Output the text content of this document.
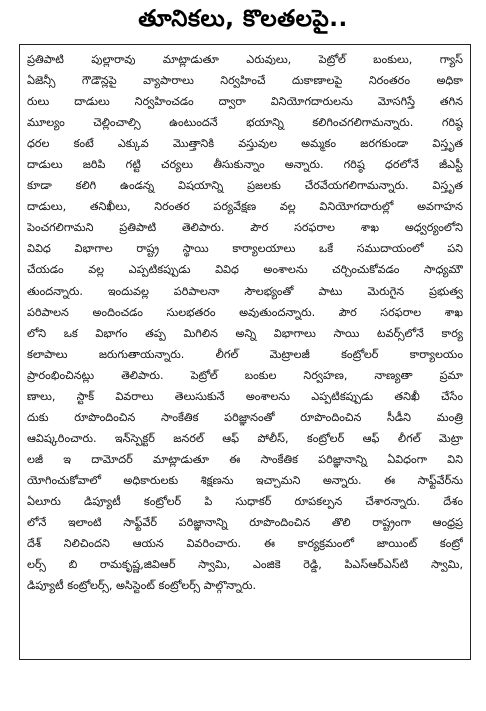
తూనికలు, కొలతలపై..
ప్రతిపాటి పుల్లారావు మాట్లాడుతూ ఎరువులు, పెట్రోల్ బంకులు, గ్యాస్
ఏజెన్సీ గౌడౌన్లపై వ్యాపారాలు నిర్వహించే దుకాణాలపై నిరంతరం అధికా
రులు దాడులు నిర్వహించడం ద్వారా వినియోగదారులను మోసగిస్తే తగిన
మూల్యం చెల్లించాల్సి ఉంటుందనే భయాన్ని కలిగించగలిగామన్నారు. గరిష్ఠ
ధరల కంటే ఎక్కువ మొత్తానికి వస్తువుల అమ్మకం జరగకుండా విస్తృత
దాడులు జరిపి గట్టి చర్యలు తీసుకున్నాం అన్నారు. గరిష్ఠ ధరలోనే జీఎస్టీ
కూడా కలిగి ఉండన్న విషయాన్ని ప్రజలకు చేరవేయగలిగామన్నారు. విస్తృత
దాడులు, తనిఖీలు, నిరంతర పర్యవేక్షణ వల్ల వినియోగదారుల్లో అవగాహన
పెంచగలిగామని ప్రతిపాటి తెలిపారు. పౌర సరఫరాల శాఖ అధ్వర్యంలోని
వివిధ విభాగాల రాష్ట్ర స్థాయి కార్యాలయాలు ఒకే సముదాయంలో పని
చేయడం వల్ల ఎప్పటికప్పుడు వివిధ అంశాలను చర్చించుకోవడం సాధ్యమౌ
తుందన్నారు. ఇందువల్ల పరిపాలనా సౌలభ్యంతో పాటు మెరుగైన ప్రభుత్వ
పరిపాలన అందించడం సులభతరం అవుతుందన్నారు. పౌర సరఫరాల శాఖ
లోని ఒక విభాగం తప్ప మిగిలిన అన్ని విభాగాలు సాయి టవర్స్‌లోనే కార్య
కలాపాలు జరుగుతాయన్నారు. లీగల్ మెట్రాలజీ కంట్రోలర్ కార్యాలయం
ప్రారంభించినట్లు తెలిపారు. పెట్రోల్ బంకుల నిర్వహణ, నాణ్యతా ప్రమా
ణాలు, స్టాక్ వివరాలు తెలుసుకునే అంశాలను ఎప్పటికప్పుడు తనిఖీ చేసేం
దుకు రూపొందించిన సాంకేతిక పరిజ్ఞానంతో రూపొందించిన సీడీని మంత్రి
ఆవిష్కరించారు. ఇన్‌స్పెక్టర్ జనరల్ ఆఫ్ పోలీస్, కంట్రోలర్ ఆఫ్ లీగల్ మెట్రా
లజీ ఇ దామోదర్ మాట్లాడుతూ ఈ సాంకేతిక పరిజ్ఞానాన్ని ఏవిధంగా విని
యోగించుకోవాలో అధికారులకు శిక్షణను ఇచ్చామని అన్నారు. ఈ సాఫ్ట్‌వేర్‌ను
ఏలూరు డిప్యూటీ కంట్రోలర్ పి సుధాకర్ రూపకల్పన చేశారన్నారు. దేశం
లోనే ఇలాంటి సాఫ్ట్‌వేర్ పరిజ్ఞానాన్ని రూపొందించిన తొలి రాష్ట్రంగా ఆంధ్రప్ర
దేశ్ నిలిచిందని ఆయన వివరించారు. ఈ కార్యక్రమంలో జాయింట్ కంట్రో
లర్స్ బి రామకృష్ణ,జివిఆర్ స్వామి, ఎంజికె రెడ్డి, పిఎస్ఆర్ఎస్‌టి స్వామి,
డిప్యూటీ కంట్రోలర్స్, అసిస్టెంట్ కంట్రోలర్స్ పాల్గొన్నారు.
